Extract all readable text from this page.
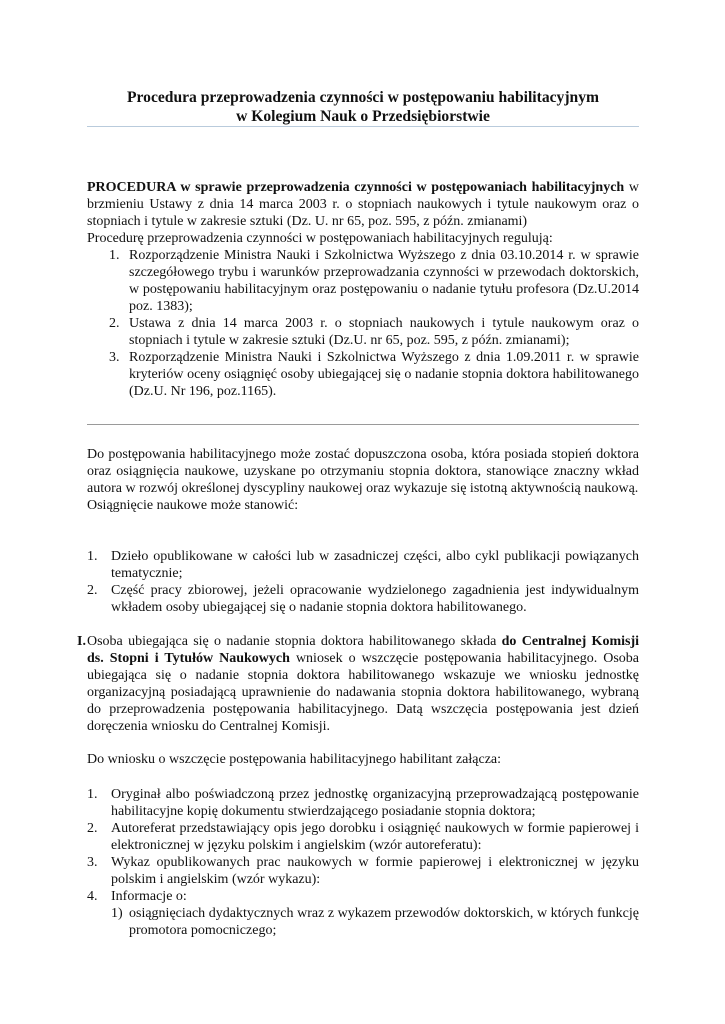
Procedura przeprowadzenia czynności w postępowaniu habilitacyjnym
w Kolegium Nauk o Przedsiębiorstwie

PROCEDURA w sprawie przeprowadzenia czynności w postępowaniach habilitacyjnych w brzmieniu Ustawy z dnia 14 marca 2003 r. o stopniach naukowych i tytule naukowym oraz o stopniach i tytule w zakresie sztuki (Dz. U. nr 65, poz. 595, z późn. zmianami)

Procedurę przeprowadzenia czynności w postępowaniach habilitacyjnych regulują:

1. Rozporządzenie Ministra Nauki i Szkolnictwa Wyższego z dnia 03.10.2014 r. w sprawie szczegółowego trybu i warunków przeprowadzania czynności w przewodach doktorskich, w postępowaniu habilitacyjnym oraz postępowaniu o nadanie tytułu profesora (Dz.U.2014 poz. 1383);
2. Ustawa z dnia 14 marca 2003 r. o stopniach naukowych i tytule naukowym oraz o stopniach i tytule w zakresie sztuki (Dz.U. nr 65, poz. 595, z późn. zmianami);
3. Rozporządzenie Ministra Nauki i Szkolnictwa Wyższego z dnia 1.09.2011 r. w sprawie kryteriów oceny osiągnięć osoby ubiegającej się o nadanie stopnia doktora habilitowanego (Dz.U. Nr 196, poz.1165).

Do postępowania habilitacyjnego może zostać dopuszczona osoba, która posiada stopień doktora oraz osiągnięcia naukowe, uzyskane po otrzymaniu stopnia doktora, stanowiące znaczny wkład autora w rozwój określonej dyscypliny naukowej oraz wykazuje się istotną aktywnością naukową.

Osiągnięcie naukowe może stanowić:

1. Dzieło opublikowane w całości lub w zasadniczej części, albo cykl publikacji powiązanych tematycznie;
2. Część pracy zbiorowej, jeżeli opracowanie wydzielonego zagadnienia jest indywidualnym wkładem osoby ubiegającej się o nadanie stopnia doktora habilitowanego.
I. Osoba ubiegająca się o nadanie stopnia doktora habilitowanego składa do Centralnej Komisji ds. Stopni i Tytułów Naukowych wniosek o wszczęcie postępowania habilitacyjnego. Osoba ubiegająca się o nadanie stopnia doktora habilitowanego wskazuje we wniosku jednostkę organizacyjną posiadającą uprawnienie do nadawania stopnia doktora habilitowanego, wybraną do przeprowadzenia postępowania habilitacyjnego. Datą wszczęcia postępowania jest dzień doręczenia wniosku do Centralnej Komisji.

Do wniosku o wszczęcie postępowania habilitacyjnego habilitant załącza:

1. Oryginał albo poświadczoną przez jednostkę organizacyjną przeprowadzającą postępowanie habilitacyjne kopię dokumentu stwierdzającego posiadanie stopnia doktora;
2. Autoreferat przedstawiający opis jego dorobku i osiągnięć naukowych w formie papierowej i elektronicznej w języku polskim i angielskim (wzór autoreferatu):
3. Wykaz opublikowanych prac naukowych w formie papierowej i elektronicznej w języku polskim i angielskim (wzór wykazu):
4. Informacje o:
1) osiągnięciach dydaktycznych wraz z wykazem przewodów doktorskich, w których funkcję promotora pomocniczego;
